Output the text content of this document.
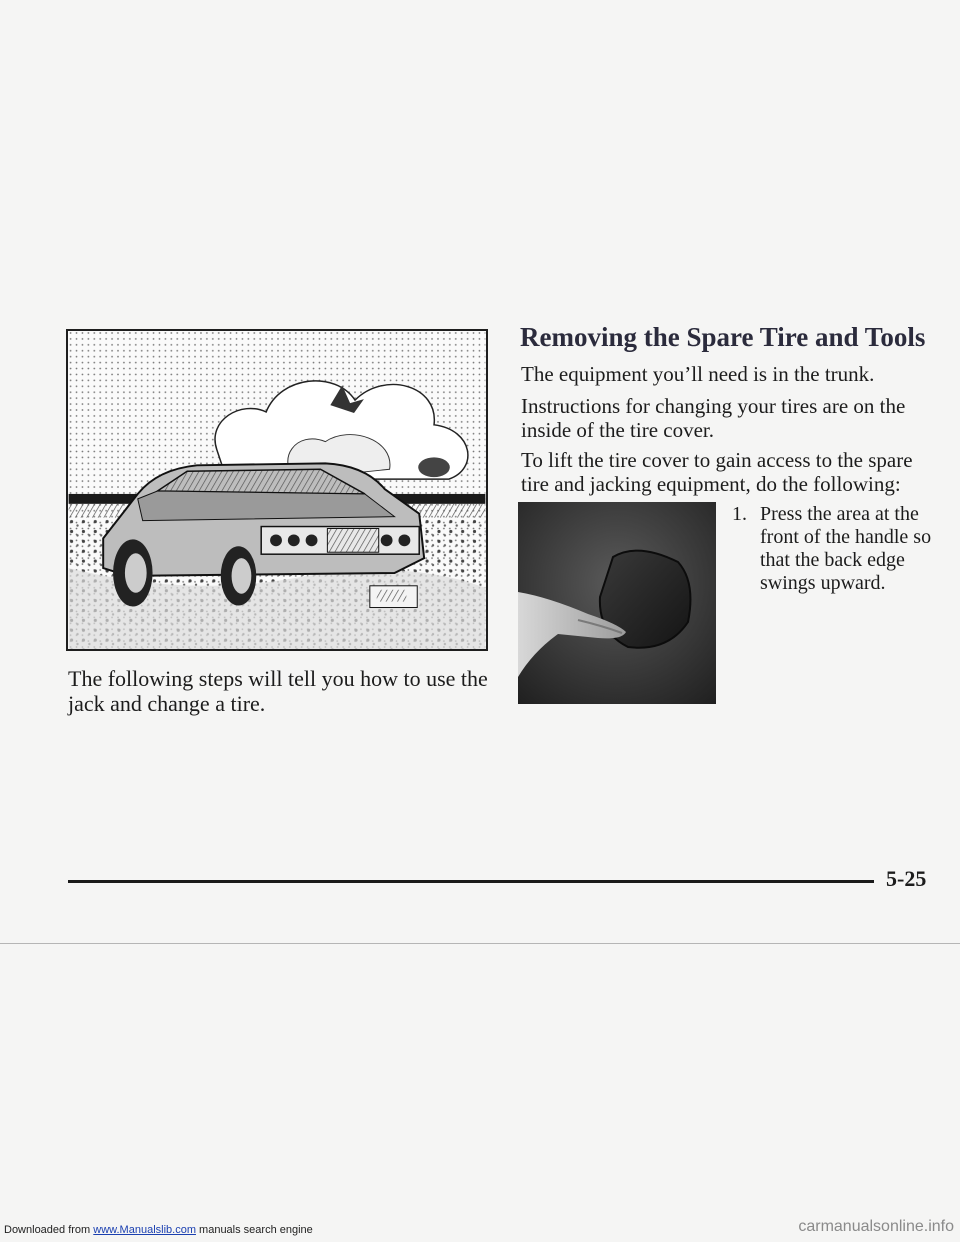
The following steps will tell you how to use the jack and change a tire.
Removing the Spare Tire and Tools
The equipment you’ll need is in the trunk.
Instructions for changing your tires are on the inside of the tire cover.
To lift the tire cover to gain access to the spare tire and jacking equipment, do the following:
1. Press the area at the front of the handle so that the back edge swings upward.
5-25
Downloaded from www.Manualslib.com manuals search engine	carmanualsonline.info
